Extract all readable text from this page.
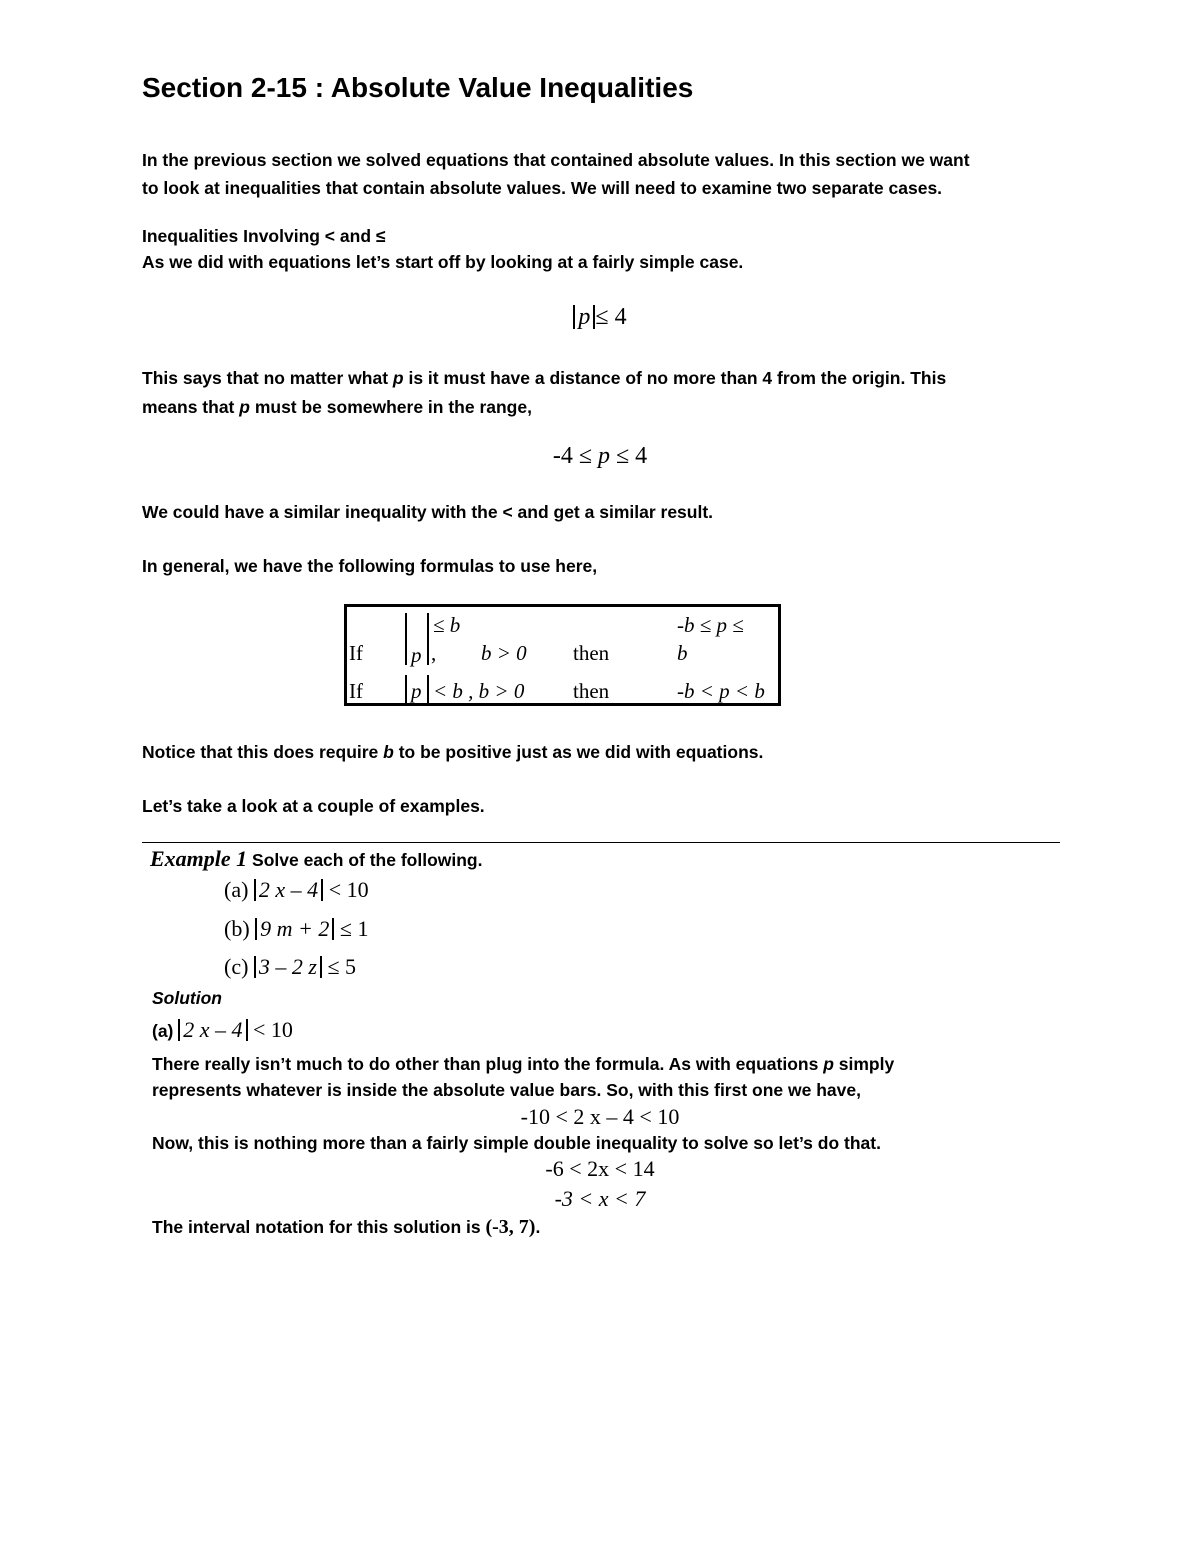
Section 2-15 : Absolute Value Inequalities
In the previous section we solved equations that contained absolute values. In this section we want
to look at inequalities that contain absolute values. We will need to examine two separate cases.
Inequalities Involving < and ≤
As we did with equations let’s start off by looking at a fairly simple case.
p ≤ 4
This says that no matter what p is it must have a distance of no more than 4 from the origin. This
means that p must be somewhere in the range,
-4 ≤ p ≤ 4
We could have a similar inequality with the < and get a similar result.
In general, we have the following formulas to use here,
If p
≤ b
, b > 0 then
-b ≤ p ≤
b
If p < b , b > 0 then	-b < p < b
Notice that this does require b to be positive just as we did with equations.
Let’s take a look at a couple of examples.
Example 1 Solve each of the following.
(a) 2 x – 4 < 10
(b) 9 m + 2 ≤ 1
(c) 3 – 2 z ≤ 5
Solution
(a) 2 x – 4 < 10
There really isn’t much to do other than plug into the formula. As with equations p simply
represents whatever is inside the absolute value bars. So, with this first one we have,
-10 < 2 x – 4 < 10
Now, this is nothing more than a fairly simple double inequality to solve so let’s do that.
-6 < 2x < 14
-3 < x < 7
The interval notation for this solution is (-3, 7).
